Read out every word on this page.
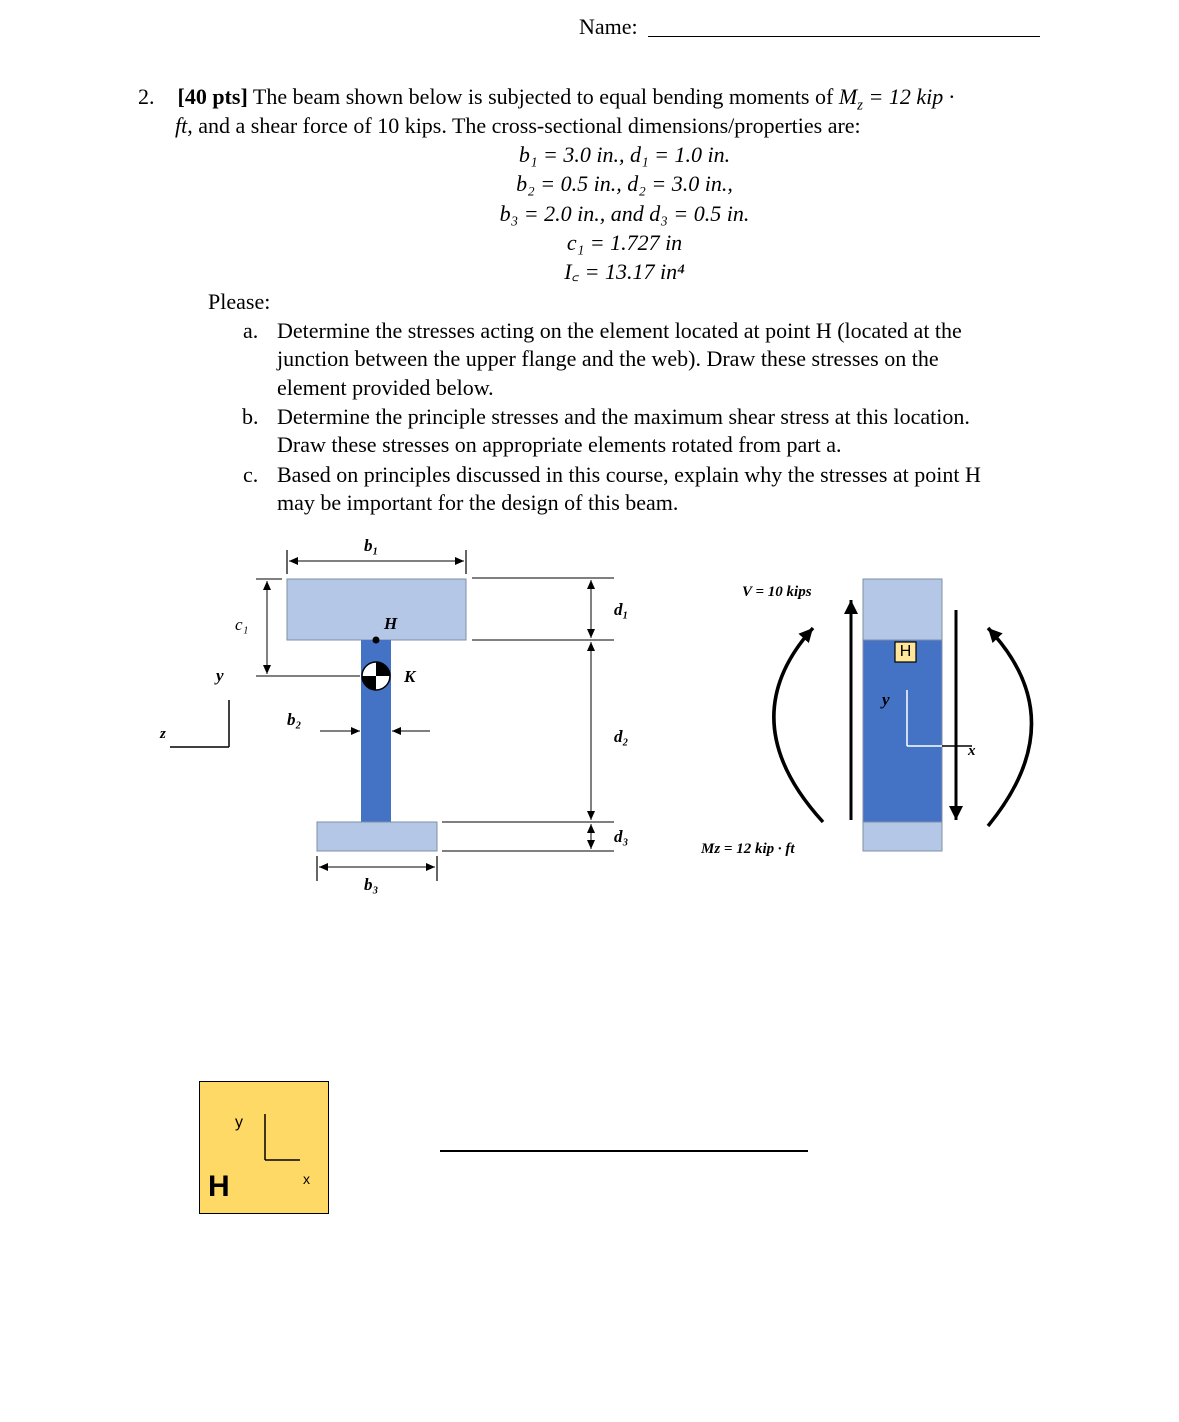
Name:
2. [40 pts] The beam shown below is subjected to equal bending moments of $M_z = 12$ kip ·
ft, and a shear force of 10 kips. The cross-sectional dimensions/properties are:
b₁ = 3.0 in., d₁ = 1.0 in.
b₂ = 0.5 in., d₂ = 3.0 in.,
b₃ = 2.0 in., and d₃ = 0.5 in.
c₁ = 1.727 in
I꜀ = 13.17 in⁴
Please:
a. Determine the stresses acting on the element located at point H (located at the
junction between the upper flange and the web). Draw these stresses on the
element provided below.
b. Determine the principle stresses and the maximum shear stress at this location.
Draw these stresses on appropriate elements rotated from part a.
c. Based on principles discussed in this course, explain why the stresses at point H
may be important for the design of this beam.
b₁
c₁	H
K
y
z
b₂
d₁
d₂
d₃
b₃
V = 10 kips
Mz = 12 kip · ft
H
y
x
y
x
H
